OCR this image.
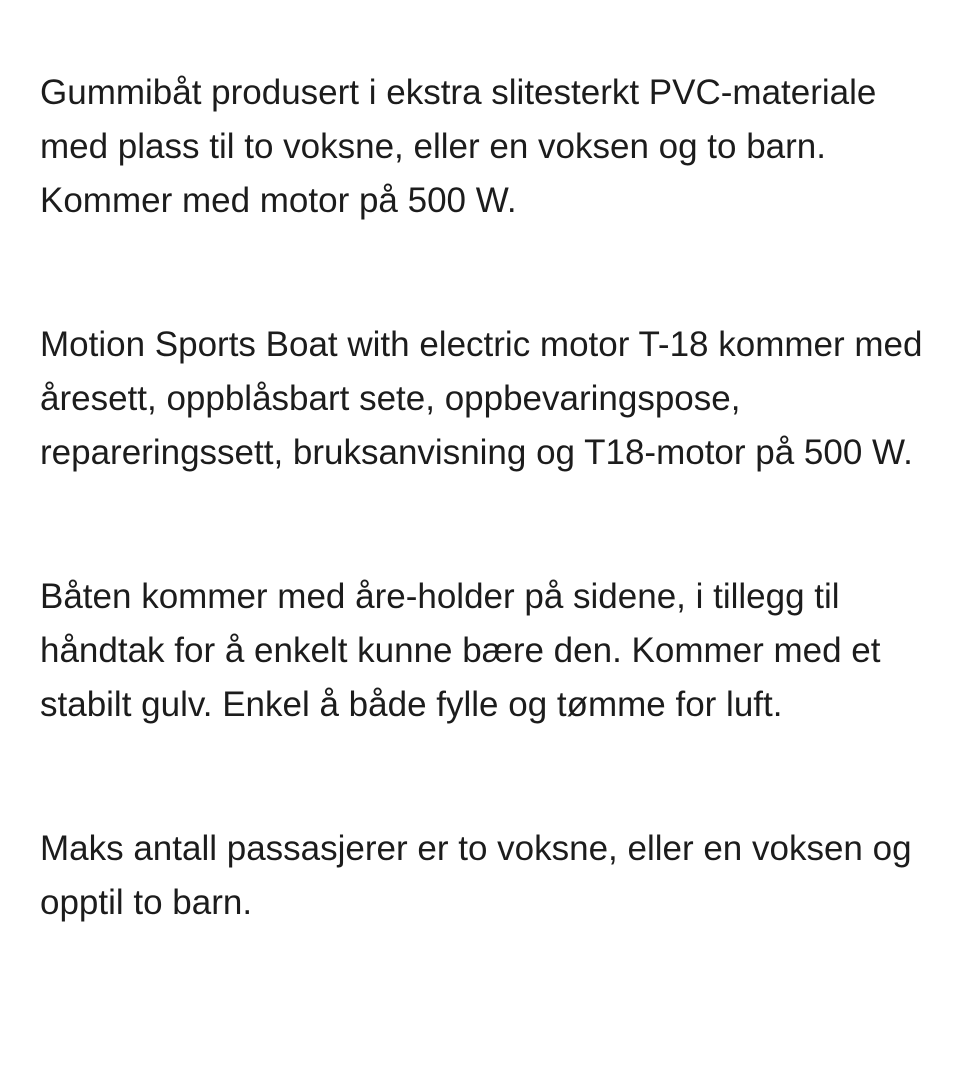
Gummibåt produsert i ekstra slitesterkt PVC-materiale med plass til to voksne, eller en voksen og to barn. Kommer med motor på 500 W.

Motion Sports Boat with electric motor T-18 kommer med åresett, oppblåsbart sete, oppbevaringspose, repareringssett, bruksanvisning og T18-motor på 500 W.

Båten kommer med åre-holder på sidene, i tillegg til håndtak for å enkelt kunne bære den. Kommer med et stabilt gulv. Enkel å både fylle og tømme for luft.

Maks antall passasjerer er to voksne, eller en voksen og opptil to barn.
